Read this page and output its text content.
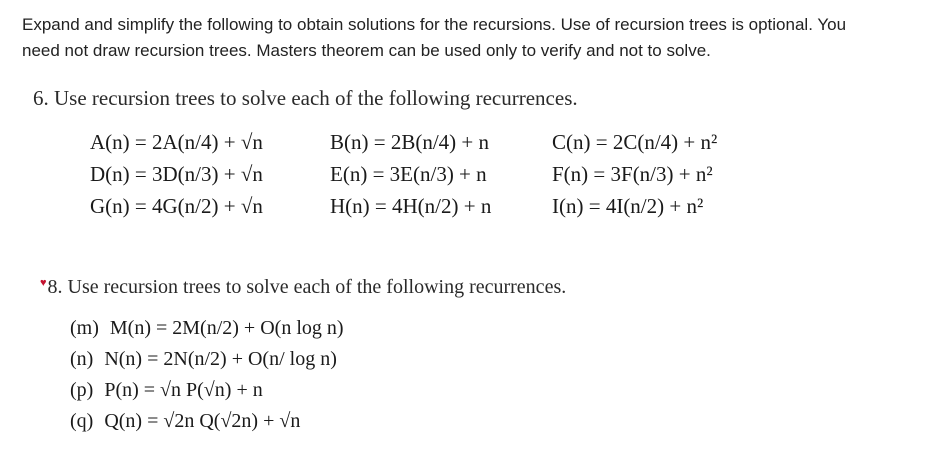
Expand and simplify the following to obtain solutions for the recursions. Use of recursion trees is optional. You
need not draw recursion trees. Masters theorem can be used only to verify and not to solve.
6. Use recursion trees to solve each of the following recurrences.
A(n) = 2A(n/4) + √n	B(n) = 2B(n/4) + n	C(n) = 2C(n/4) + n²
D(n) = 3D(n/3) + √n	E(n) = 3E(n/3) + n	F(n) = 3F(n/3) + n²
G(n) = 4G(n/2) + √n	H(n) = 4H(n/2) + n	I(n) = 4I(n/2) + n²
♥8. Use recursion trees to solve each of the following recurrences.
(m) M(n) = 2M(n/2) + O(n log n)
(n) N(n) = 2N(n/2) + O(n/ log n)
(p) P(n) = √n P(√n) + n
(q) Q(n) = √2n Q(√2n) + √n
